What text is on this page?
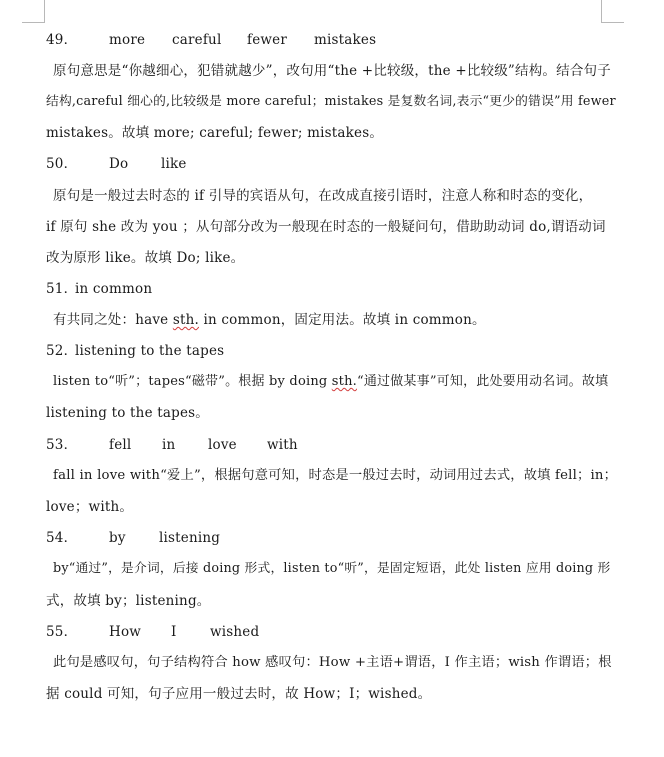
49． more careful fewer mistakes
原句意思是“你越细心，犯错就越少”，改句用“the +比较级，the +比较级”结构。结合句子
结构,careful 细心的,比较级是 more careful；mistakes 是复数名词,表示“更少的错误”用 fewer
mistakes。故填 more; careful; fewer; mistakes。
50． Do like
原句是一般过去时态的 if 引导的宾语从句，在改成直接引语时，注意人称和时态的变化，
if 原句 she 改为 you ；从句部分改为一般现在时态的一般疑问句，借助助动词 do,谓语动词
改为原形 like。故填 Do; like。
51．
in common
有共同之处：have sth. in common，固定用法。故填 in common。
52．
listening to the tapes
listen to“听”；tapes“磁带”。根据 by doing sth.“通过做某事”可知，此处要用动名词。故填
listening to the tapes。
53． fell in love with
fall in love with“爱上”，根据句意可知，时态是一般过去时，动词用过去式，故填 fell；in；
love；with。
54． by listening
by“通过”，是介词，后接 doing 形式，listen to“听”，是固定短语，此处 listen 应用 doing 形
式，故填 by；listening。
55． How I wished
此句是感叹句，句子结构符合 how 感叹句：How +主语+谓语，I 作主语；wish 作谓语；根
据 could 可知，句子应用一般过去时，故 How；I；wished。
